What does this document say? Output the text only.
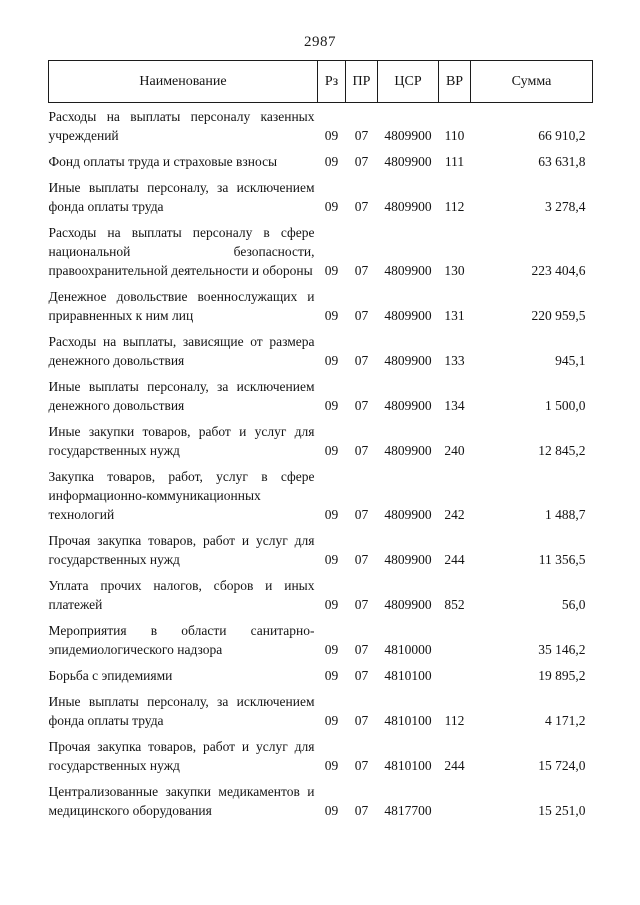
2987
Наименование	Рз	ПР	ЦСР	ВР	Сумма
Расходы на выплаты персоналу казенных учреждений	09	07	4809900	110	66 910,2
Фонд оплаты труда и страховые взносы	09	07	4809900	111	63 631,8
Иные выплаты персоналу, за исключением фонда оплаты труда	09	07	4809900	112	3 278,4
Расходы на выплаты персоналу в сфере национальной безопасности, правоохранительной деятельности и обороны	09	07	4809900	130	223 404,6
Денежное довольствие военнослужащих и приравненных к ним лиц	09	07	4809900	131	220 959,5
Расходы на выплаты, зависящие от размера денежного довольствия	09	07	4809900	133	945,1
Иные выплаты персоналу, за исключением денежного довольствия	09	07	4809900	134	1 500,0
Иные закупки товаров, работ и услуг для государственных нужд	09	07	4809900	240	12 845,2
Закупка товаров, работ, услуг в сфере информационно-коммуникационных технологий	09	07	4809900	242	1 488,7
Прочая закупка товаров, работ и услуг для государственных нужд	09	07	4809900	244	11 356,5
Уплата прочих налогов, сборов и иных платежей	09	07	4809900	852	56,0
Мероприятия в области санитарно-эпидемиологического надзора	09	07	4810000		35 146,2
Борьба с эпидемиями	09	07	4810100		19 895,2
Иные выплаты персоналу, за исключением фонда оплаты труда	09	07	4810100	112	4 171,2
Прочая закупка товаров, работ и услуг для государственных нужд	09	07	4810100	244	15 724,0
Централизованные закупки медикаментов и медицинского оборудования	09	07	4817700		15 251,0
